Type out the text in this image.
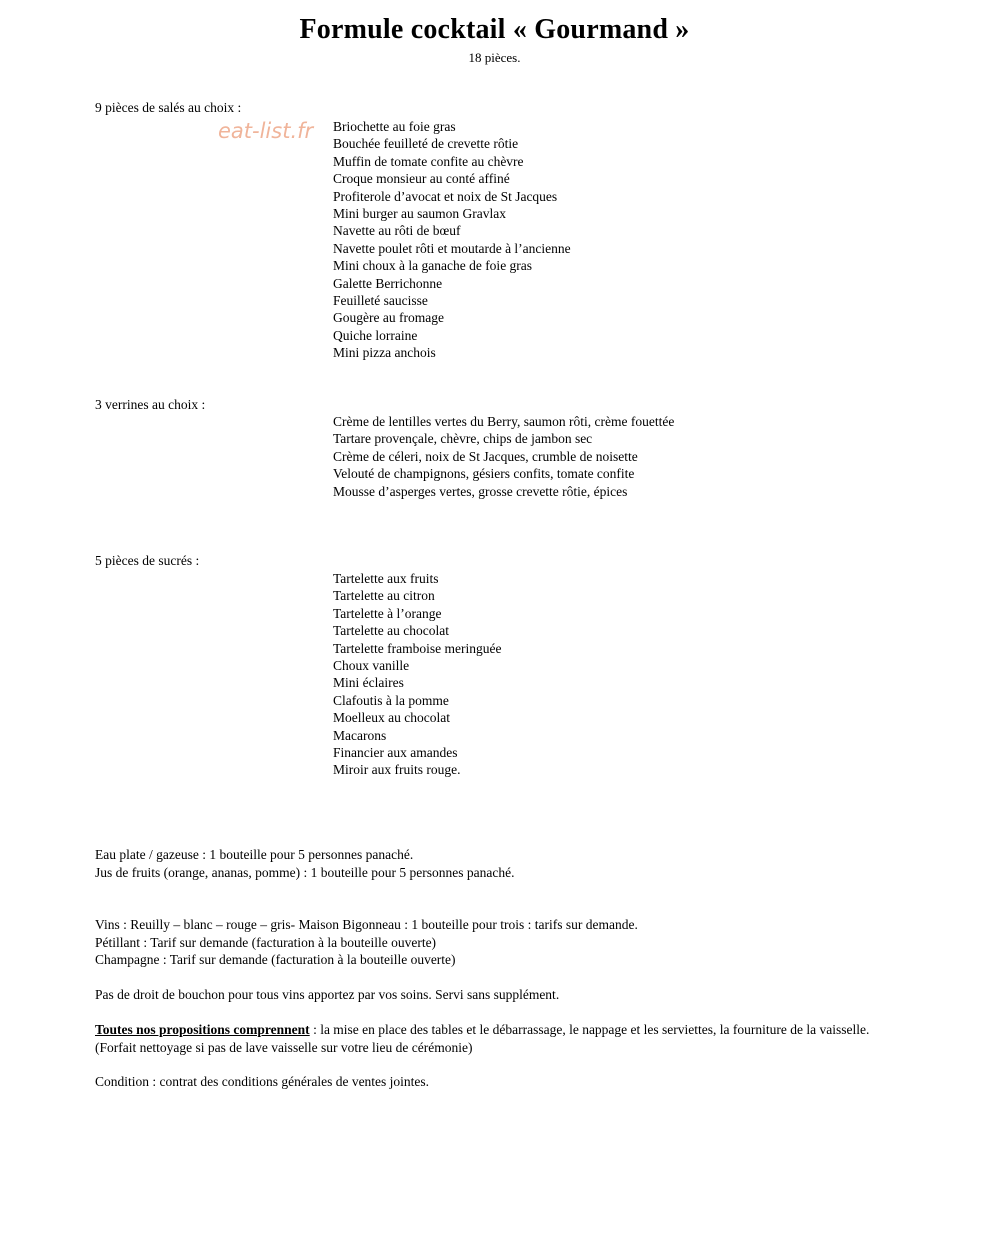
Formule cocktail « Gourmand »
18 pièces.
eat-list.fr
9 pièces de salés au choix :
Briochette au foie gras
Bouchée feuilleté de crevette rôtie
Muffin de tomate confite au chèvre
Croque monsieur au conté affiné
Profiterole d’avocat et noix de St Jacques
Mini burger au saumon Gravlax
Navette au rôti de bœuf
Navette poulet rôti et moutarde à l’ancienne
Mini choux à la ganache de foie gras
Galette Berrichonne
Feuilleté saucisse
Gougère au fromage
Quiche lorraine
Mini pizza anchois
3 verrines au choix :
Crème de lentilles vertes du Berry, saumon rôti, crème fouettée
Tartare provençale, chèvre, chips de jambon sec
Crème de céleri, noix de St Jacques, crumble de noisette
Velouté de champignons, gésiers confits, tomate confite
Mousse d’asperges vertes, grosse crevette rôtie, épices
5 pièces de sucrés :
Tartelette aux fruits
Tartelette au citron
Tartelette à l’orange
Tartelette au chocolat
Tartelette framboise meringuée
Choux vanille
Mini éclaires
Clafoutis à la pomme
Moelleux au chocolat
Macarons
Financier aux amandes
Miroir aux fruits rouge.
Eau plate / gazeuse : 1 bouteille pour 5 personnes panaché.
Jus de fruits (orange, ananas, pomme) : 1 bouteille pour 5 personnes panaché.
Vins : Reuilly – blanc – rouge – gris- Maison Bigonneau : 1 bouteille pour trois : tarifs sur demande.
Pétillant : Tarif sur demande (facturation à la bouteille ouverte)
Champagne : Tarif sur demande (facturation à la bouteille ouverte)
Pas de droit de bouchon pour tous vins apportez par vos soins. Servi sans supplément.
Toutes nos propositions comprennent : la mise en place des tables et le débarrassage, le nappage et les serviettes, la fourniture de la vaisselle. (Forfait nettoyage si pas de lave vaisselle sur votre lieu de cérémonie)
Condition : contrat des conditions générales de ventes jointes.
